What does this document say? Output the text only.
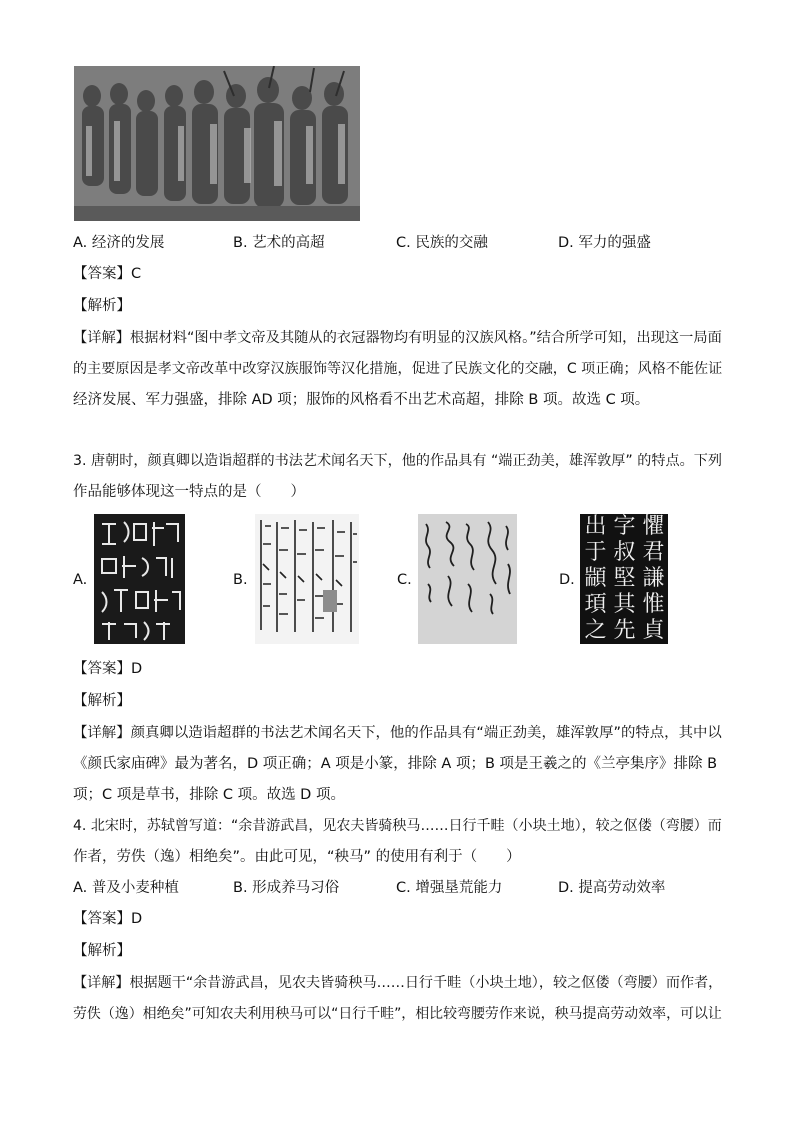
A. 经济的发展	B. 艺术的高超	C. 民族的交融	D. 军力的强盛
【答案】C
【解析】
【详解】根据材料“图中孝文帝及其随从的衣冠器物均有明显的汉族风格。”结合所学可知，出现这一局面
的主要原因是孝文帝改革中改穿汉族服饰等汉化措施，促进了民族文化的交融，C 项正确；风格不能佐证
经济发展、军力强盛，排除 AD 项；服饰的风格看不出艺术高超，排除 B 项。故选 C 项。
3. 唐朝时，颜真卿以造诣超群的书法艺术闻名天下，他的作品具有 “端正劲美，雄浑敦厚” 的特点。下列
作品能够体现这一特点的是（　　）
A.	B.	C.	D.
懼
君
謙
惟
貞
字
叔
堅
其
先
出
于
顓
頊
之
【答案】D
【解析】
【详解】颜真卿以造诣超群的书法艺术闻名天下，他的作品具有“端正劲美，雄浑敦厚”的特点，其中以
《颜氏家庙碑》最为著名，D 项正确；A 项是小篆，排除 A 项；B 项是王羲之的《兰亭集序》排除 B
项；C 项是草书，排除 C 项。故选 D 项。
4. 北宋时，苏轼曾写道：“余昔游武昌，见农夫皆骑秧马……日行千畦（小块土地），较之伛偻（弯腰）而
作者，劳佚（逸）相绝矣”。由此可见，“秧马” 的使用有利于（　　）
A. 普及小麦种植	B. 形成养马习俗	C. 增强垦荒能力	D. 提高劳动效率
【答案】D
【解析】
【详解】根据题干“余昔游武昌，见农夫皆骑秧马……日行千畦（小块土地），较之伛偻（弯腰）而作者，
劳佚（逸）相绝矣”可知农夫利用秧马可以“日行千畦”，相比较弯腰劳作来说，秧马提高劳动效率，可以让
